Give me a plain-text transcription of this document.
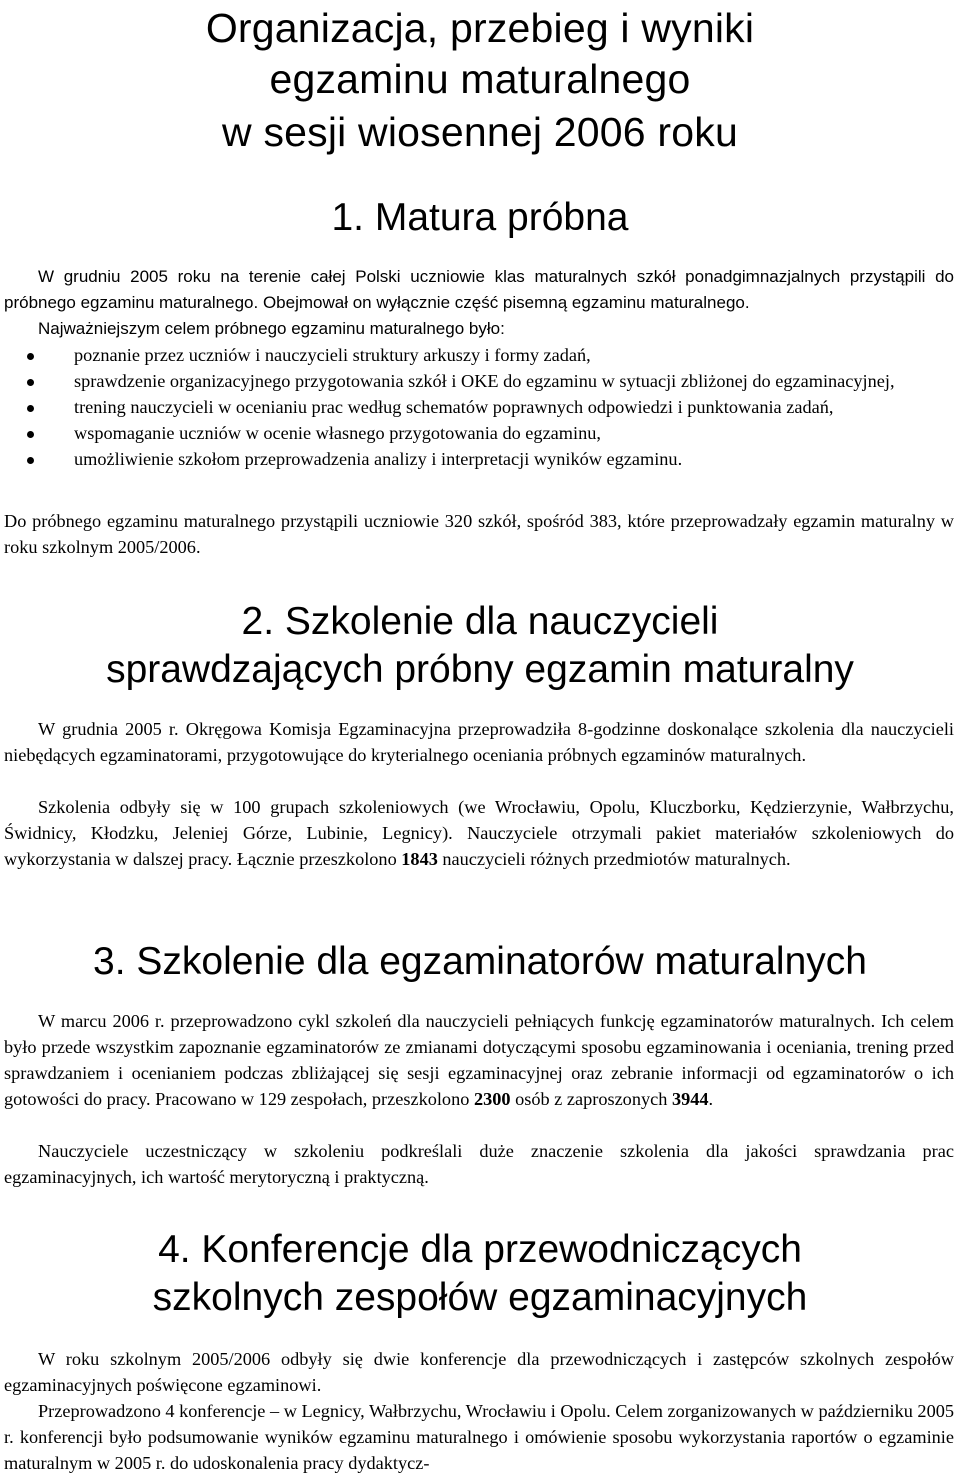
Organizacja, przebieg i wyniki
egzaminu maturalnego
w sesji wiosennej 2006 roku
1. Matura próbna
W grudniu 2005 roku na terenie całej Polski uczniowie klas maturalnych szkół ponadgimnazjalnych przystąpili do próbnego egzaminu maturalnego. Obejmował on wyłącznie część pisemną egzaminu maturalnego.
Najważniejszym celem próbnego egzaminu maturalnego było:
poznanie przez uczniów i nauczycieli struktury arkuszy i formy zadań,
sprawdzenie organizacyjnego przygotowania szkół i OKE do egzaminu w sytuacji zbliżonej do egzaminacyjnej,
trening nauczycieli w ocenianiu prac według schematów poprawnych odpowiedzi i punktowania zadań,
wspomaganie uczniów w ocenie własnego przygotowania do egzaminu,
umożliwienie szkołom przeprowadzenia analizy i interpretacji wyników egzaminu.
Do próbnego egzaminu maturalnego przystąpili uczniowie 320 szkół, spośród 383, które przeprowadzały egzamin maturalny w roku szkolnym 2005/2006.
2. Szkolenie dla nauczycieli
sprawdzających próbny egzamin maturalny
W grudnia 2005 r. Okręgowa Komisja Egzaminacyjna przeprowadziła 8-godzinne doskonalące szkolenia dla nauczycieli niebędących egzaminatorami, przygotowujące do kryterialnego oceniania próbnych egzaminów maturalnych.
Szkolenia odbyły się w 100 grupach szkoleniowych (we Wrocławiu, Opolu, Kluczborku, Kędzierzynie, Wałbrzychu, Świdnicy, Kłodzku, Jeleniej Górze, Lubinie, Legnicy). Nauczyciele otrzymali pakiet materiałów szkoleniowych do wykorzystania w dalszej pracy. Łącznie przeszkolono 1843 nauczycieli różnych przedmiotów maturalnych.
3. Szkolenie dla egzaminatorów maturalnych
W marcu 2006 r. przeprowadzono cykl szkoleń dla nauczycieli pełniących funkcję egzaminatorów maturalnych. Ich celem było przede wszystkim zapoznanie egzaminatorów ze zmianami dotyczącymi sposobu egzaminowania i oceniania, trening przed sprawdzaniem i ocenianiem podczas zbliżającej się sesji egzaminacyjnej oraz zebranie informacji od egzaminatorów o ich gotowości do pracy. Pracowano w 129 zespołach, przeszkolono 2300 osób z zaproszonych 3944.
Nauczyciele uczestniczący w szkoleniu podkreślali duże znaczenie szkolenia dla jakości sprawdzania prac egzaminacyjnych, ich wartość merytoryczną i praktyczną.
4. Konferencje dla przewodniczących
szkolnych zespołów egzaminacyjnych
W roku szkolnym 2005/2006 odbyły się dwie konferencje dla przewodniczących i zastępców szkolnych zespołów egzaminacyjnych poświęcone egzaminowi.
Przeprowadzono 4 konferencje – w Legnicy, Wałbrzychu, Wrocławiu i Opolu. Celem zorganizowanych w październiku 2005 r. konferencji było podsumowanie wyników egzaminu maturalnego i omówienie sposobu wykorzystania raportów o egzaminie maturalnym w 2005 r. do udoskonalenia pracy dydaktycz-
